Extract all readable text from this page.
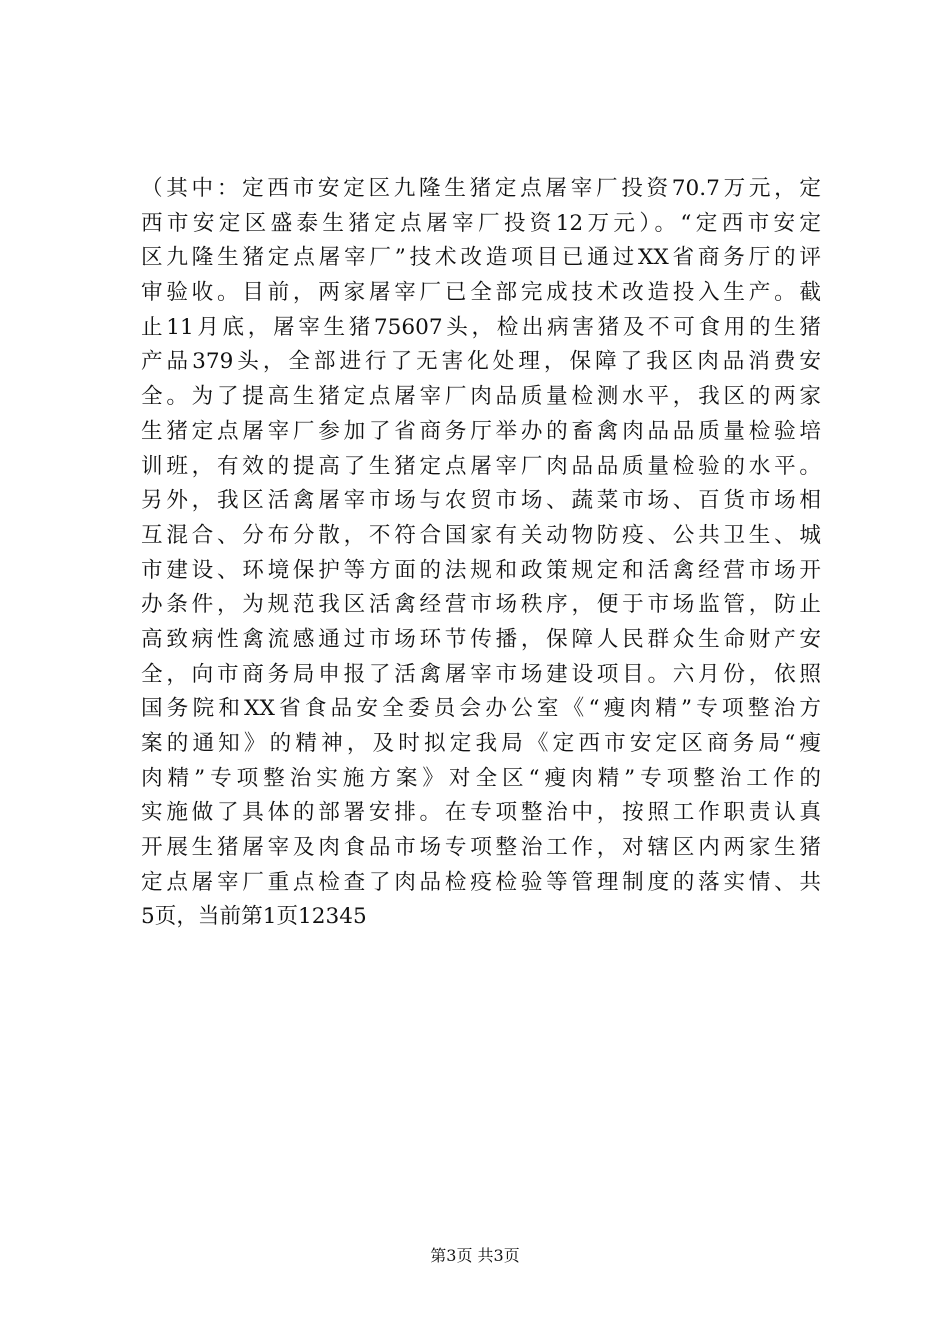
（其中：定西市安定区九隆生猪定点屠宰厂投资70.7万元，定
西市安定区盛泰生猪定点屠宰厂投资12万元）。“定西市安定
区九隆生猪定点屠宰厂”技术改造项目已通过XX省商务厅的评
审验收。目前，两家屠宰厂已全部完成技术改造投入生产。截
止11月底，屠宰生猪75607头，检出病害猪及不可食用的生猪
产品379头，全部进行了无害化处理，保障了我区肉品消费安
全。为了提高生猪定点屠宰厂肉品质量检测水平，我区的两家
生猪定点屠宰厂参加了省商务厅举办的畜禽肉品品质量检验培
训班，有效的提高了生猪定点屠宰厂肉品品质量检验的水平。
另外，我区活禽屠宰市场与农贸市场、蔬菜市场、百货市场相
互混合、分布分散，不符合国家有关动物防疫、公共卫生、城
市建设、环境保护等方面的法规和政策规定和活禽经营市场开
办条件，为规范我区活禽经营市场秩序，便于市场监管，防止
高致病性禽流感通过市场环节传播，保障人民群众生命财产安
全，向市商务局申报了活禽屠宰市场建设项目。六月份，依照
国务院和XX省食品安全委员会办公室《“瘦肉精”专项整治方
案的通知》的精神，及时拟定我局《定西市安定区商务局“瘦
肉精”专项整治实施方案》对全区“瘦肉精”专项整治工作的
实施做了具体的部署安排。在专项整治中，按照工作职责认真
开展生猪屠宰及肉食品市场专项整治工作，对辖区内两家生猪
定点屠宰厂重点检查了肉品检疫检验等管理制度的落实情、共
5页，当前第1页12345
第3页 共3页
